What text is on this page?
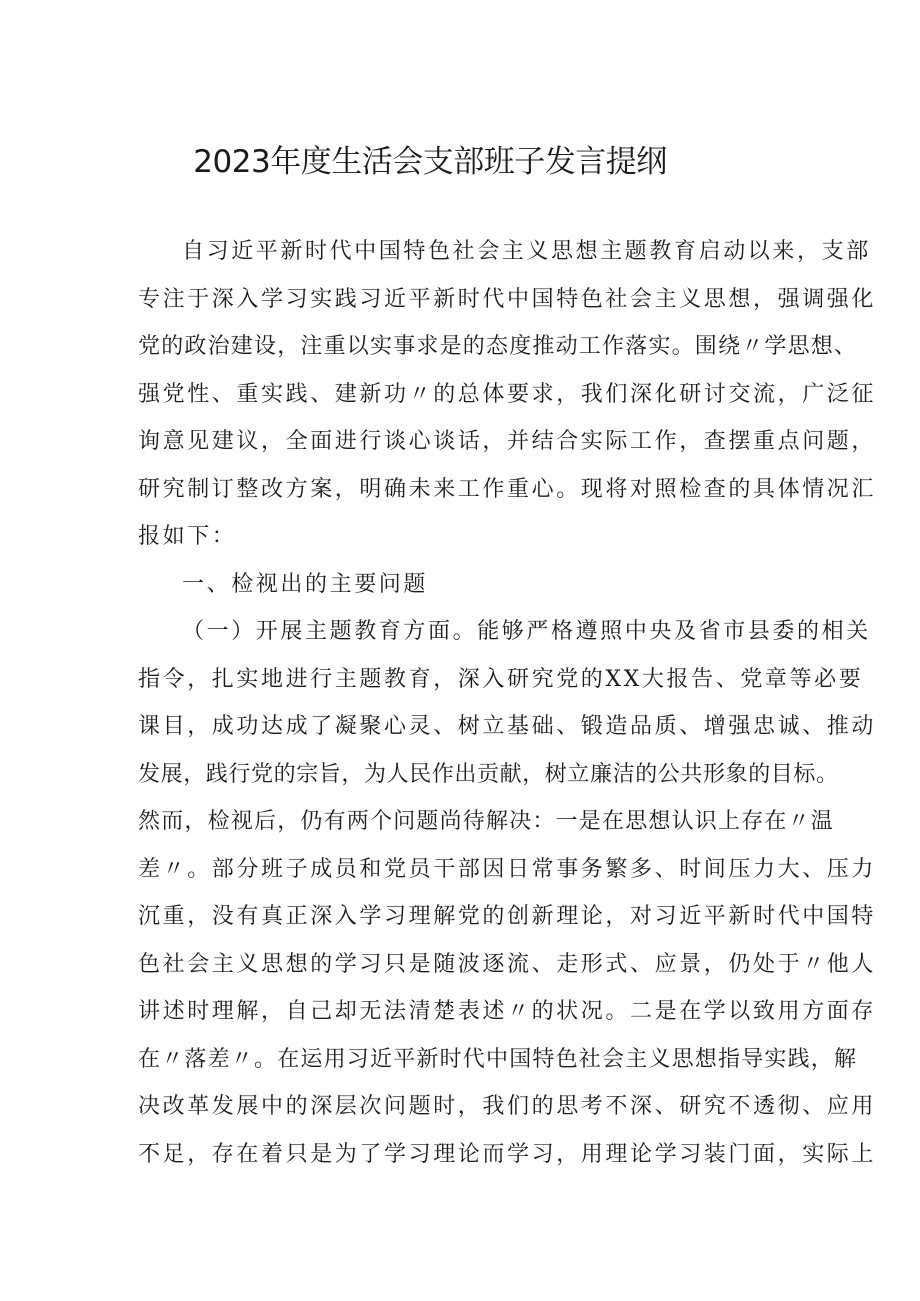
2023年度生活会支部班子发言提纲
自习近平新时代中国特色社会主义思想主题教育启动以来，支部
专注于深入学习实践习近平新时代中国特色社会主义思想，强调强化
党的政治建设，注重以实事求是的态度推动工作落实。围绕〃学思想、
强党性、重实践、建新功〃的总体要求，我们深化研讨交流，广泛征
询意见建议，全面进行谈心谈话，并结合实际工作，查摆重点问题，
研究制订整改方案，明确未来工作重心。现将对照检查的具体情况汇
报如下：
一、检视出的主要问题
（一）开展主题教育方面。能够严格遵照中央及省市县委的相关
指令，扎实地进行主题教育，深入研究党的XX大报告、党章等必要
课目，成功达成了凝聚心灵、树立基础、锻造品质、增强忠诚、推动
发展，践行党的宗旨，为人民作出贡献，树立廉洁的公共形象的目标。
然而，检视后，仍有两个问题尚待解决：一是在思想认识上存在〃温
差〃。部分班子成员和党员干部因日常事务繁多、时间压力大、压力
沉重，没有真正深入学习理解党的创新理论，对习近平新时代中国特
色社会主义思想的学习只是随波逐流、走形式、应景，仍处于〃他人
讲述时理解，自己却无法清楚表述〃的状况。二是在学以致用方面存
在〃落差〃。在运用习近平新时代中国特色社会主义思想指导实践，解
决改革发展中的深层次问题时，我们的思考不深、研究不透彻、应用
不足，存在着只是为了学习理论而学习，用理论学习装门面，实际上
